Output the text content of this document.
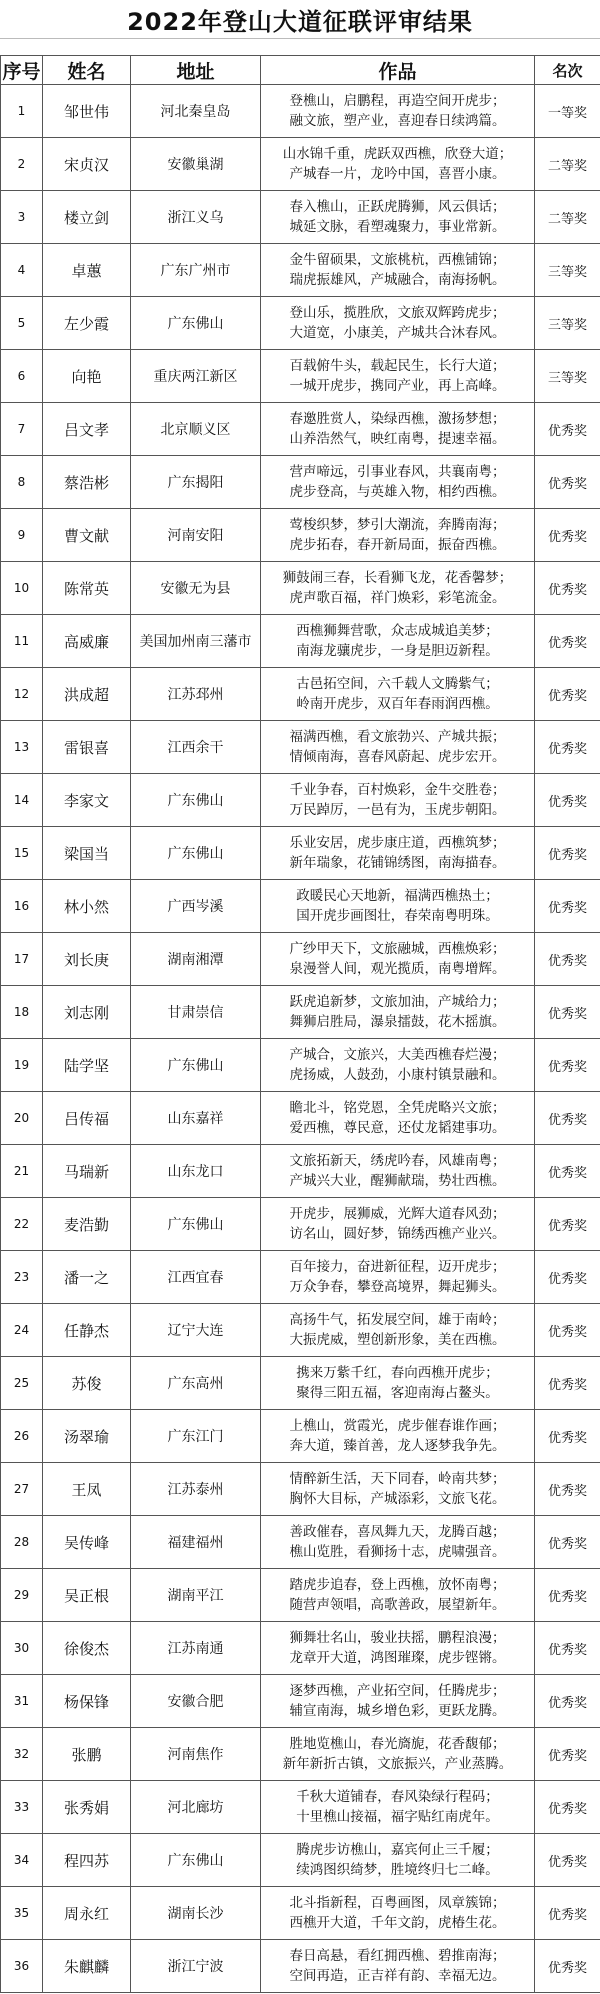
2022年登山大道征联评审结果
序号	姓名	地址	作品	名次
1	邹世伟	河北秦皇岛	登樵山，启鹏程，再造空间开虎步；
融文旅，塑产业，喜迎春日续鸿篇。	一等奖
2	宋贞汉	安徽巢湖	山水锦千重，虎跃双西樵，欣登大道；
产城春一片，龙吟中国，喜晋小康。	二等奖
3	楼立剑	浙江义乌	春入樵山，正跃虎腾狮，风云俱话；
城延文脉，看塑魂聚力，事业常新。	二等奖
4	卓蕙	广东广州市	金牛留硕果，文旅桃杭，西樵铺锦；
瑞虎振雄风，产城融合，南海扬帆。	三等奖
5	左少霞	广东佛山	登山乐，揽胜欣，文旅双辉跨虎步；
大道宽，小康美，产城共合沐春风。	三等奖
6	向艳	重庆两江新区	百载俯牛头，载起民生，长行大道；
一城开虎步，携同产业，再上高峰。	三等奖
7	吕文孝	北京顺义区	春邀胜赏人，染绿西樵，激扬梦想；
山养浩然气，映红南粤，提速幸福。	优秀奖
8	蔡浩彬	广东揭阳	营声啼远，引事业春风，共襄南粤；
虎步登高，与英雄入物，相约西樵。	优秀奖
9	曹文献	河南安阳	莺梭织梦，梦引大潮流，奔腾南海；
虎步拓春，春开新局面，振奋西樵。	优秀奖
10	陈常英	安徽无为县	狮鼓闹三春，长看狮飞龙，花香馨梦；
虎声歌百福，祥门焕彩，彩笔流金。	优秀奖
11	高威廉	美国加州南三藩市	西樵狮舞营歌，众志成城追美梦；
南海龙骧虎步，一身是胆迈新程。	优秀奖
12	洪成超	江苏邳州	古邑拓空间，六千载人文腾紫气；
岭南开虎步，双百年春雨润西樵。	优秀奖
13	雷银喜	江西余干	福满西樵，看文旅勃兴、产城共振；
情倾南海，喜春风蔚起、虎步宏开。	优秀奖
14	李家文	广东佛山	千业争春，百村焕彩，金牛交胜卷；
万民踔厉，一邑有为，玉虎步朝阳。	优秀奖
15	梁国当	广东佛山	乐业安居，虎步康庄道，西樵筑梦；
新年瑞象，花铺锦绣图，南海描春。	优秀奖
16	林小然	广西岑溪	政暖民心天地新，福满西樵热土；
国开虎步画图壮，春荣南粤明珠。	优秀奖
17	刘长庚	湖南湘潭	广纱甲天下，文旅融城，西樵焕彩；
泉漫誉人间，观光揽质，南粤增辉。	优秀奖
18	刘志刚	甘肃崇信	跃虎追新梦，文旅加油，产城给力；
舞狮启胜局，瀑泉擂鼓，花木摇旗。	优秀奖
19	陆学坚	广东佛山	产城合，文旅兴，大美西樵春烂漫；
虎扬威，人鼓劲，小康村镇景融和。	优秀奖
20	吕传福	山东嘉祥	瞻北斗，铭党恩，全凭虎略兴文旅；
爱西樵，尊民意，还仗龙韬建事功。	优秀奖
21	马瑞新	山东龙口	文旅拓新天，绣虎吟春，风雄南粤；
产城兴大业，醒狮献瑞，势壮西樵。	优秀奖
22	麦浩勤	广东佛山	开虎步，展狮威，光辉大道春风劲；
访名山，圆好梦，锦绣西樵产业兴。	优秀奖
23	潘一之	江西宜春	百年接力，奋进新征程，迈开虎步；
万众争春，攀登高境界，舞起狮头。	优秀奖
24	任静杰	辽宁大连	高扬牛气，拓发展空间，雄于南岭；
大振虎威，塑创新形象，美在西樵。	优秀奖
25	苏俊	广东高州	携来万紫千红，春向西樵开虎步；
聚得三阳五福，客迎南海占鳌头。	优秀奖
26	汤翠瑜	广东江门	上樵山，赏霞光，虎步催春谁作画；
奔大道，臻首善，龙人逐梦我争先。	优秀奖
27	王凤	江苏泰州	情醉新生活，天下同春，岭南共梦；
胸怀大目标，产城添彩，文旅飞花。	优秀奖
28	吴传峰	福建福州	善政催春，喜凤舞九天，龙腾百越；
樵山览胜，看狮扬十志，虎啸强音。	优秀奖
29	吴正根	湖南平江	踏虎步追春，登上西樵，放怀南粤；
随营声领唱，高歌善政，展望新年。	优秀奖
30	徐俊杰	江苏南通	狮舞壮名山，骏业扶摇，鹏程浪漫；
龙章开大道，鸿图璀璨，虎步铿锵。	优秀奖
31	杨保锋	安徽合肥	逐梦西樵，产业拓空间，任腾虎步；
辅宣南海，城乡增色彩，更跃龙腾。	优秀奖
32	张鹏	河南焦作	胜地览樵山，春光旖旎，花香馥郁；
新年新折古镇，文旅振兴，产业蒸腾。	优秀奖
33	张秀娟	河北廊坊	千秋大道铺春，春风染绿行程码；
十里樵山接福，福字贴红南虎年。	优秀奖
34	程四苏	广东佛山	腾虎步访樵山，嘉宾何止三千履；
续鸿图织绮梦，胜境终归七二峰。	优秀奖
35	周永红	湖南长沙	北斗指新程，百粤画图，凤章簇锦；
西樵开大道，千年文韵，虎椿生花。	优秀奖
36	朱麒麟	浙江宁波	春日高悬，看红拥西樵、碧推南海；
空间再造，正吉祥有韵、幸福无边。	优秀奖
